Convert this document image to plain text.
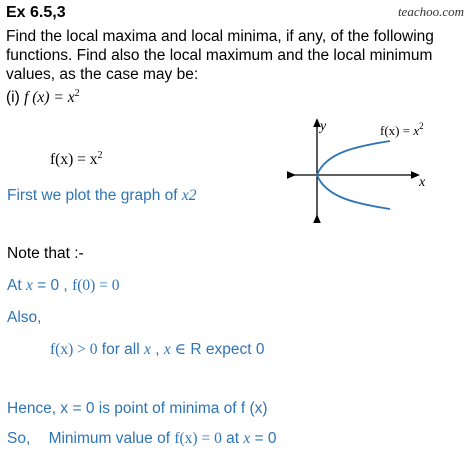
teachoo.com
Ex 6.5,3
Find the local maxima and local minima, if any, of the following
functions. Find also the local maximum and the local minimum
values, as the case may be:
(i) f $(x) = x^2$
y
x
$f(x) = x^2$
$f(x) = x^2$
First we plot the graph of x2
Note that :-
At x = 0 , f(0) = 0
Also,
f(x) > 0 for all x , x ∈ R expect 0
Hence, x = 0 is point of minima of f (x)
So, Minimum value of f(x) = 0 at x = 0
